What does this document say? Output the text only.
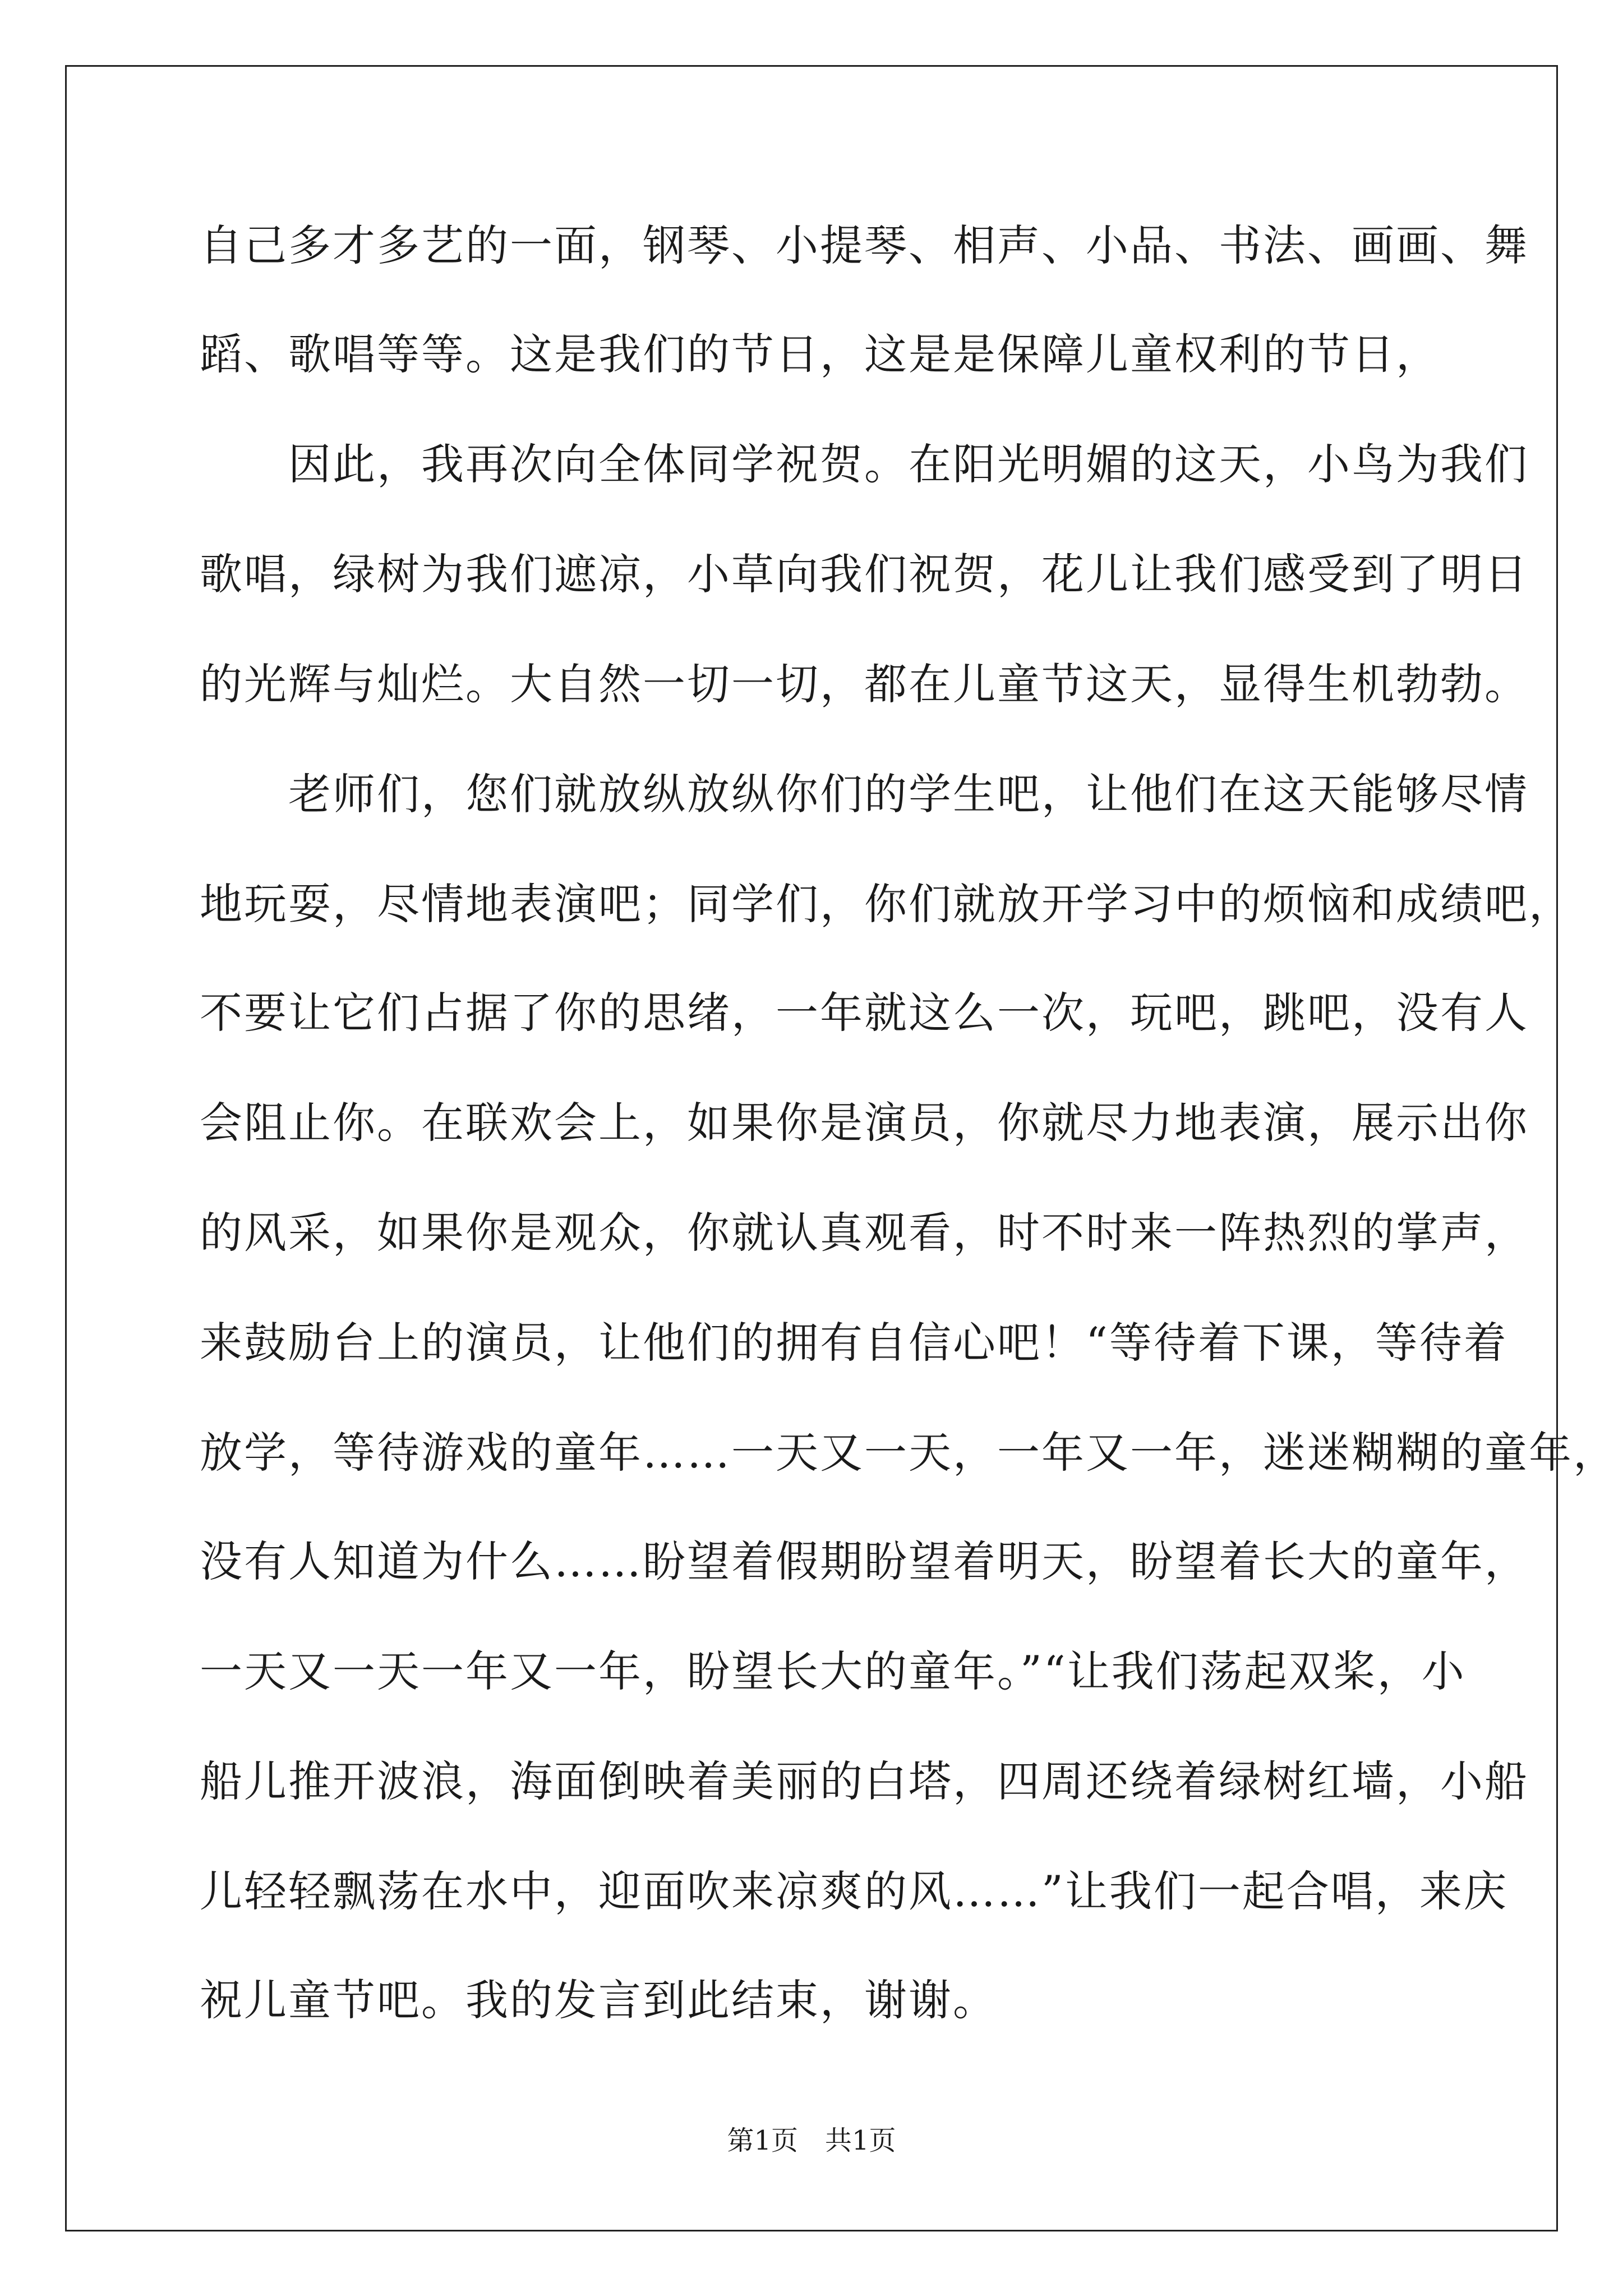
自己多才多艺的一面，钢琴、小提琴、相声、小品、书法、画画、舞
蹈、歌唱等等。这是我们的节日，这是是保障儿童权利的节日，
　　因此，我再次向全体同学祝贺。在阳光明媚的这天，小鸟为我们
歌唱，绿树为我们遮凉，小草向我们祝贺，花儿让我们感受到了明日
的光辉与灿烂。大自然一切一切，都在儿童节这天，显得生机勃勃。
　　老师们，您们就放纵放纵你们的学生吧，让他们在这天能够尽情
地玩耍，尽情地表演吧；同学们，你们就放开学习中的烦恼和成绩吧，
不要让它们占据了你的思绪，一年就这么一次，玩吧，跳吧，没有人
会阻止你。在联欢会上，如果你是演员，你就尽力地表演，展示出你
的风采，如果你是观众，你就认真观看，时不时来一阵热烈的掌声，
来鼓励台上的演员，让他们的拥有自信心吧！“等待着下课，等待着
放学，等待游戏的童年……一天又一天，一年又一年，迷迷糊糊的童年，
没有人知道为什么……盼望着假期盼望着明天，盼望着长大的童年，
一天又一天一年又一年，盼望长大的童年。”“让我们荡起双桨，小
船儿推开波浪，海面倒映着美丽的白塔，四周还绕着绿树红墙，小船
儿轻轻飘荡在水中，迎面吹来凉爽的风……”让我们一起合唱，来庆
祝儿童节吧。我的发言到此结束，谢谢。
第1页　共1页
